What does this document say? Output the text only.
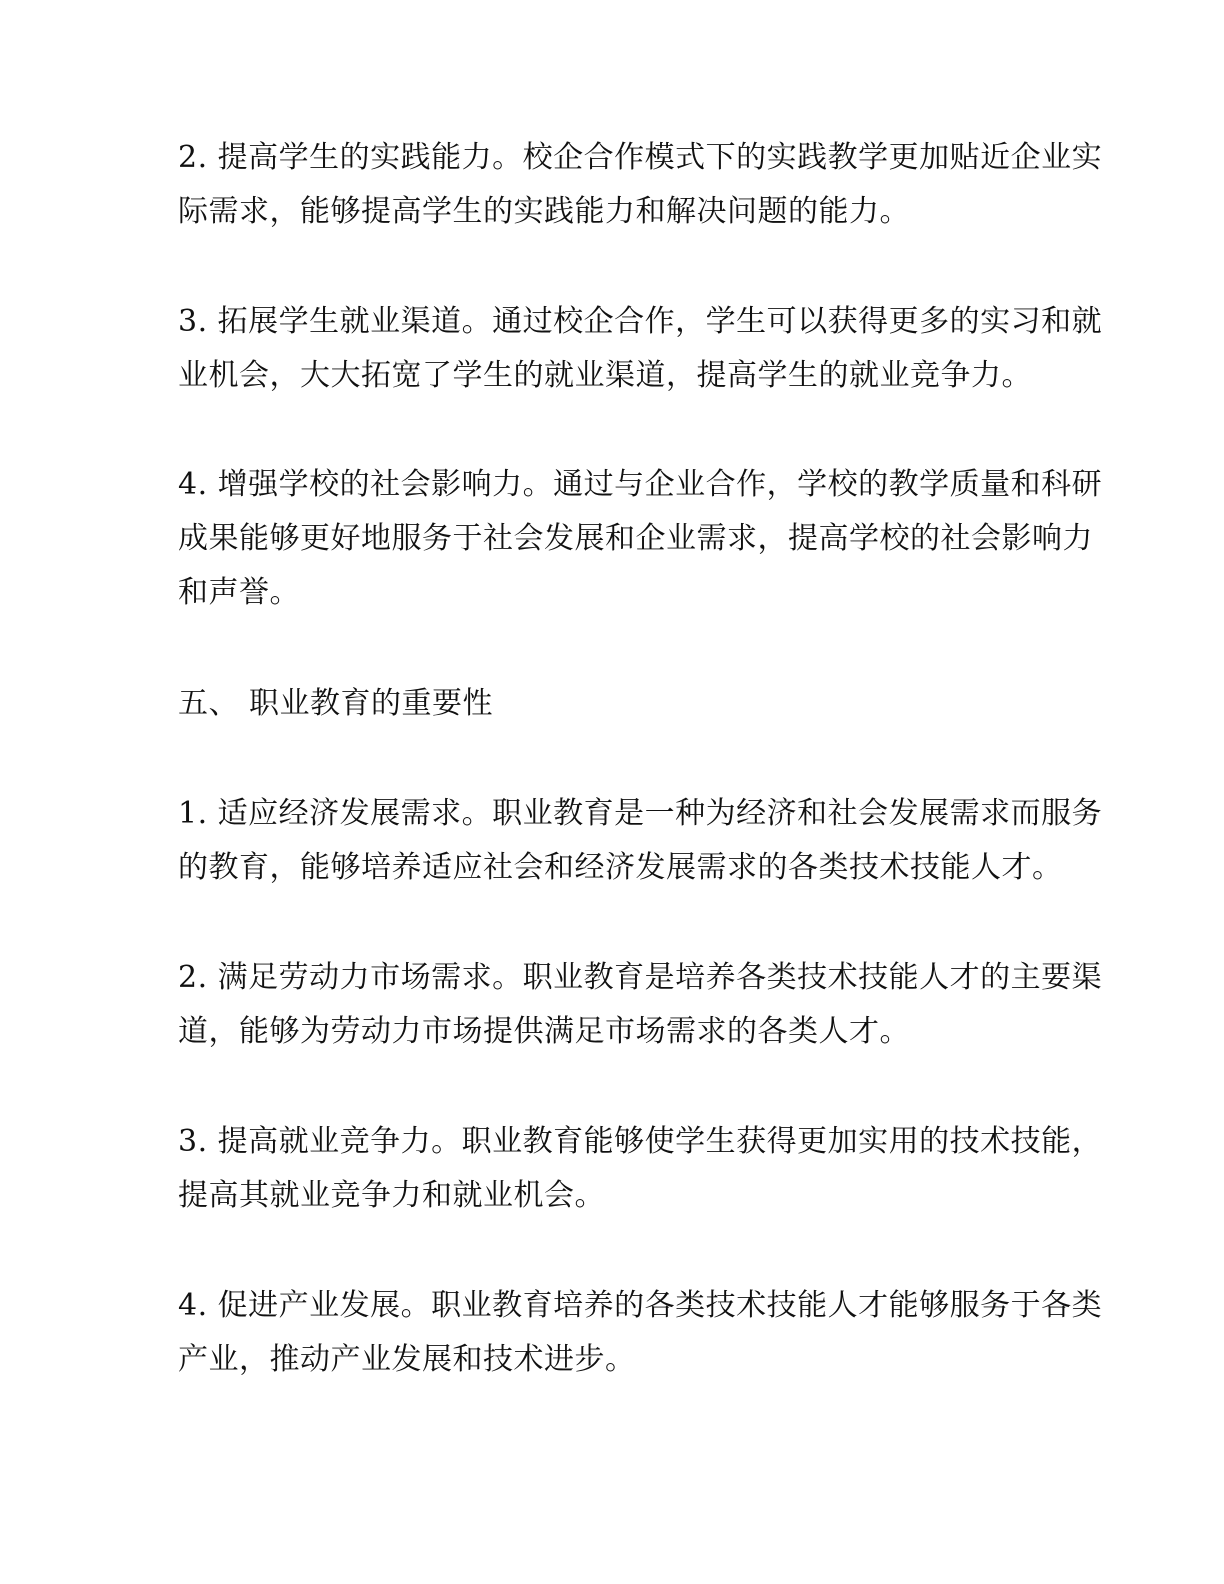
2. 提高学生的实践能力。校企合作模式下的实践教学更加贴近企业实
际需求，能够提高学生的实践能力和解决问题的能力。
3. 拓展学生就业渠道。通过校企合作，学生可以获得更多的实习和就
业机会，大大拓宽了学生的就业渠道，提高学生的就业竞争力。
4. 增强学校的社会影响力。通过与企业合作，学校的教学质量和科研
成果能够更好地服务于社会发展和企业需求，提高学校的社会影响力
和声誉。
五、 职业教育的重要性
1. 适应经济发展需求。职业教育是一种为经济和社会发展需求而服务
的教育，能够培养适应社会和经济发展需求的各类技术技能人才。
2. 满足劳动力市场需求。职业教育是培养各类技术技能人才的主要渠
道，能够为劳动力市场提供满足市场需求的各类人才。
3. 提高就业竞争力。职业教育能够使学生获得更加实用的技术技能，
提高其就业竞争力和就业机会。
4. 促进产业发展。职业教育培养的各类技术技能人才能够服务于各类
产业，推动产业发展和技术进步。
